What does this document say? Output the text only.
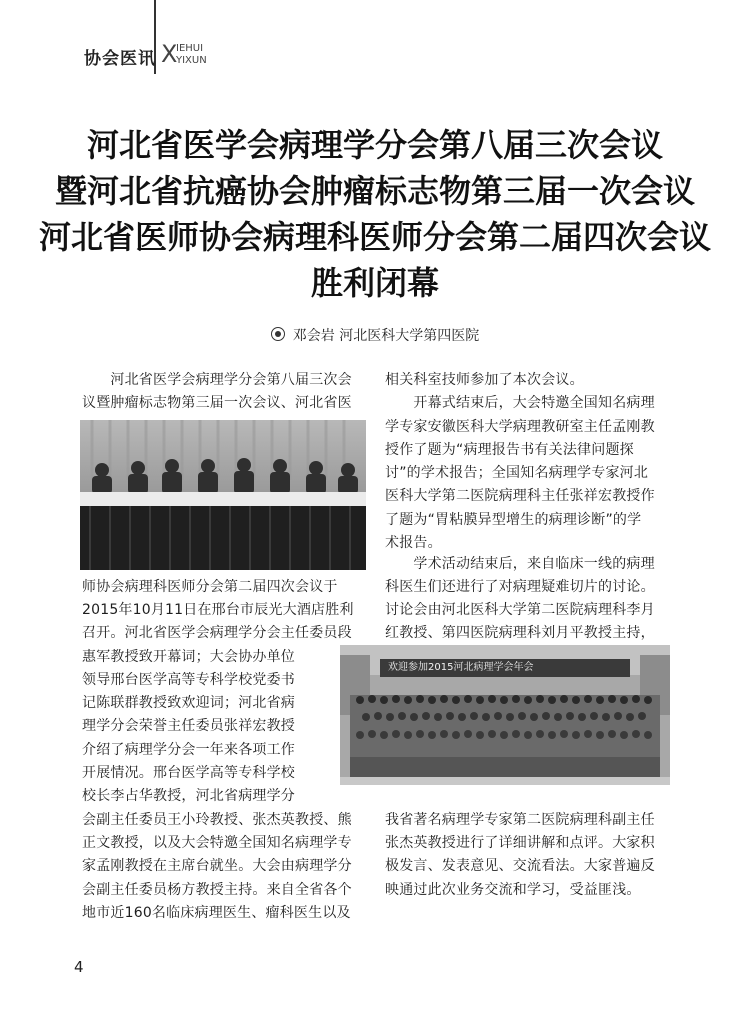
协会医讯 X
IEHUI
YIXUN
河北省医学会病理学分会第八届三次会议
暨河北省抗癌协会肿瘤标志物第三届一次会议
河北省医师协会病理科医师分会第二届四次会议
胜利闭幕
邓会岩 河北医科大学第四医院
欢迎参加2015河北病理学会年会
　　河北省医学会病理学分会第八届三次会
议暨肿瘤标志物第三届一次会议、河北省医
师协会病理科医师分会第二届四次会议于
2015年10月11日在邢台市辰光大酒店胜利
召开。河北省医学会病理学分会主任委员段
惠军教授致开幕词；大会协办单位
领导邢台医学高等专科学校党委书
记陈联群教授致欢迎词；河北省病
理学分会荣誉主任委员张祥宏教授
介绍了病理学分会一年来各项工作
开展情况。邢台医学高等专科学校
校长李占华教授，河北省病理学分
会副主任委员王小玲教授、张杰英教授、熊
正文教授，以及大会特邀全国知名病理学专
家孟刚教授在主席台就坐。大会由病理学分
会副主任委员杨方教授主持。来自全省各个
地市近160名临床病理医生、瘤科医生以及
相关科室技师参加了本次会议。
　　开幕式结束后，大会特邀全国知名病理
学专家安徽医科大学病理教研室主任孟刚教
授作了题为“病理报告书有关法律问题探
讨”的学术报告；全国知名病理学专家河北
医科大学第二医院病理科主任张祥宏教授作
了题为“胃粘膜异型增生的病理诊断”的学
术报告。
　　学术活动结束后，来自临床一线的病理
科医生们还进行了对病理疑难切片的讨论。
讨论会由河北医科大学第二医院病理科李月
红教授、第四医院病理科刘月平教授主持，
我省著名病理学专家第二医院病理科副主任
张杰英教授进行了详细讲解和点评。大家积
极发言、发表意见、交流看法。大家普遍反
映通过此次业务交流和学习，受益匪浅。
4
